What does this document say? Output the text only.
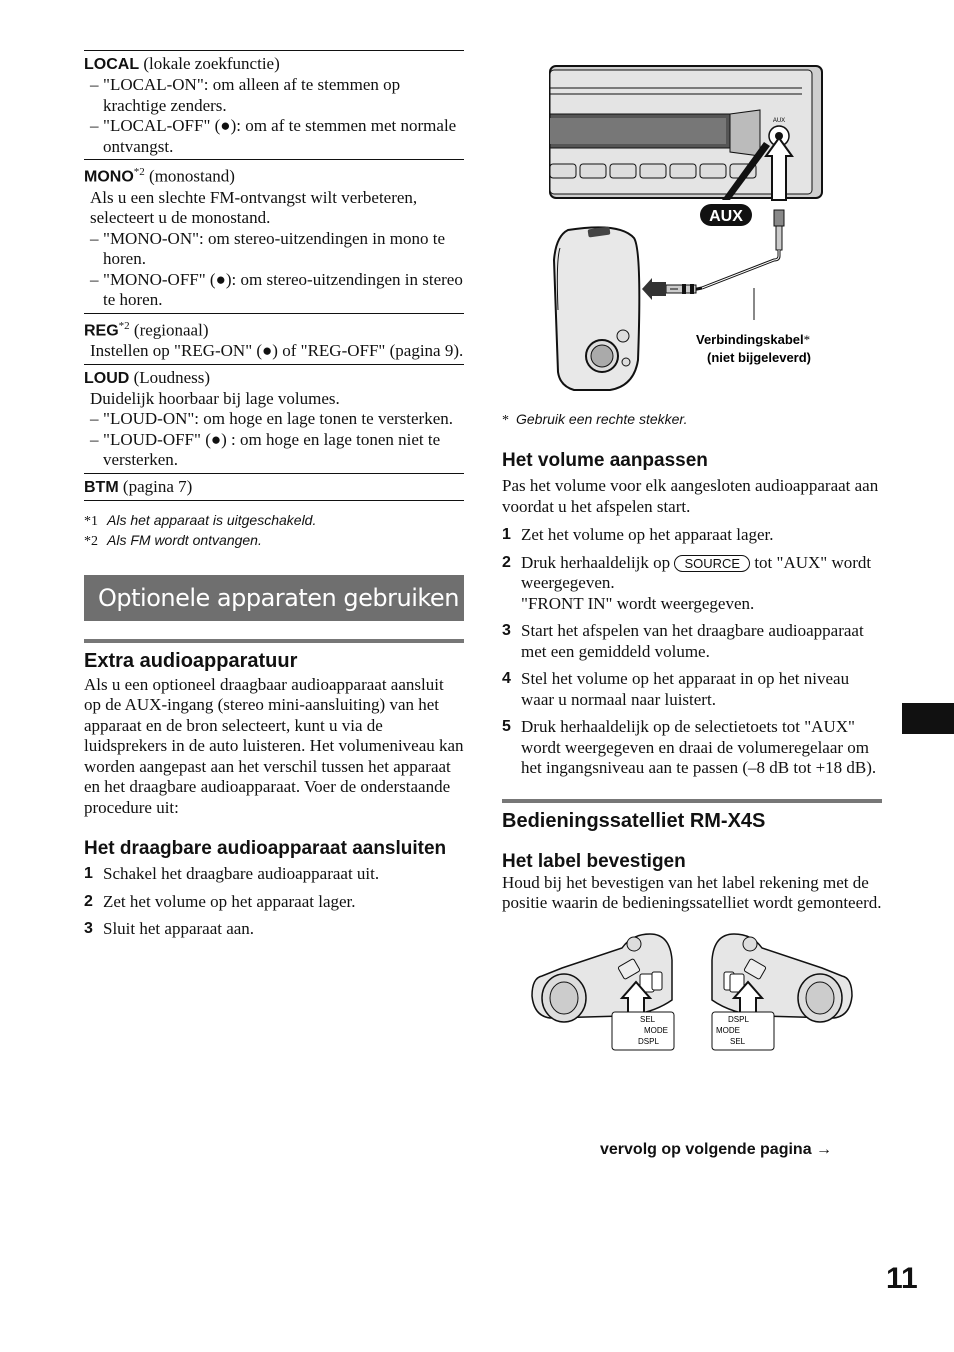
LOCAL (lokale zoekfunctie)
– "LOCAL-ON": om alleen af te stemmen op krachtige zenders.
– "LOCAL-OFF" (●): om af te stemmen met normale ontvangst.
MONO$^{*2}$ (monostand)
Als u een slechte FM-ontvangst wilt verbeteren, selecteert u de monostand.
– "MONO-ON": om stereo-uitzendingen in mono te horen.
– "MONO-OFF" (●): om stereo-uitzendingen in stereo te horen.
REG$^{*2}$ (regionaal)
Instellen op "REG-ON" (●) of "REG-OFF" (pagina 9).
LOUD (Loudness)
Duidelijk hoorbaar bij lage volumes.
– "LOUD-ON": om hoge en lage tonen te versterken.
– "LOUD-OFF" (●) : om hoge en lage tonen niet te versterken.
BTM (pagina 7)
*1 Als het apparaat is uitgeschakeld.
*2 Als FM wordt ontvangen.
Optionele apparaten gebruiken
Extra audioapparatuur
Als u een optioneel draagbaar audioapparaat aansluit op de AUX-ingang (stereo mini-aansluiting) van het apparaat en de bron selecteert, kunt u via de luidsprekers in de auto luisteren. Het volumeniveau kan worden aangepast aan het verschil tussen het apparaat en het draagbare audioapparaat. Voer de onderstaande procedure uit:
Het draagbare audioapparaat aansluiten
1 Schakel het draagbare audioapparaat uit.
2 Zet het volume op het apparaat lager.
3 Sluit het apparaat aan.
AUX
AUX
Verbindingskabel*
(niet bijgeleverd)
* Gebruik een rechte stekker.
Het volume aanpassen
Pas het volume voor elk aangesloten audioapparaat aan voordat u het afspelen start.
1 Zet het volume op het apparaat lager.
2 Druk herhaaldelijk op SOURCE tot "AUX" wordt weergegeven.
"FRONT IN" wordt weergegeven.
3 Start het afspelen van het draagbare audioapparaat met een gemiddeld volume.
4 Stel het volume op het apparaat in op het niveau waar u normaal naar luistert.
5 Druk herhaaldelijk op de selectietoets tot "AUX" wordt weergegeven en draai de volumeregelaar om het ingangsniveau aan te passen (–8 dB tot +18 dB).
Bedieningssatelliet RM-X4S
Het label bevestigen
Houd bij het bevestigen van het label rekening met de positie waarin de bedieningssatelliet wordt gemonteerd.
SEL
MODE
DSPL
DSPL
MODE
SEL
vervolg op volgende pagina →
11
